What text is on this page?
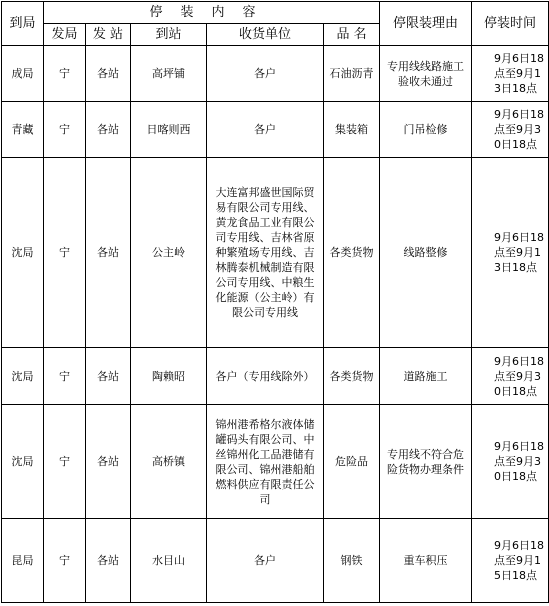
到局	停装内容					停限装理由	停装时间
	发局	发 站	到站	收货单位	品 名		
成局	宁	各站	高坪铺	各户	石油沥青	专用线线路施工验收未通过	9月6日18点至9月13日18点
青藏	宁	各站	日喀则西	各户	集装箱	门吊检修	9月6日18点至9月30日18点
沈局	宁	各站	公主岭	大连富邦盛世国际贸易有限公司专用线、黄龙食品工业有限公司专用线、吉林省原种繁殖场专用线、吉林腾泰机械制造有限公司专用线、中粮生化能源（公主岭）有限公司专用线	各类货物	线路整修	9月6日18点至9月13日18点
沈局	宁	各站	陶赖昭	各户（专用线除外）	各类货物	道路施工	9月6日18点至9月30日18点
沈局	宁	各站	高桥镇	锦州港希格尔液体储罐码头有限公司、中丝锦州化工品港储有限公司、锦州港船舶燃料供应有限责任公司	危险品	专用线不符合危险货物办理条件	9月6日18点至9月30日18点
昆局	宁	各站	水目山	各户	钢铁	重车积压	9月6日18点至9月15日18点
